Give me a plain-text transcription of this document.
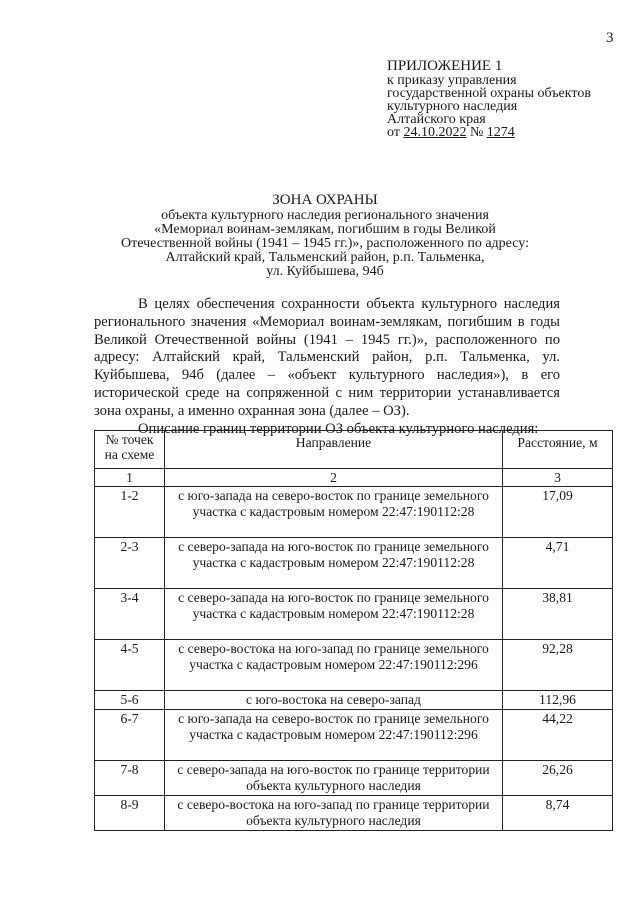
3
ПРИЛОЖЕНИЕ 1
к приказу управления
государственной охраны объектов
культурного наследия
Алтайского края
от 24.10.2022 № 1274
ЗОНА ОХРАНЫ
объекта культурного наследия регионального значения
«Мемориал воинам-землякам, погибшим в годы Великой
Отечественной войны (1941 – 1945 гг.)», расположенного по адресу:
Алтайский край, Тальменский район, р.п. Тальменка,
ул. Куйбышева, 94б

В целях обеспечения сохранности объекта культурного наследия регионального значения «Мемориал воинам-землякам, погибшим в годы Великой Отечественной войны (1941 – 1945 гг.)», расположенного по адресу: Алтайский край, Тальменский район, р.п. Тальменка, ул. Куйбышева, 94б (далее – «объект культурного наследия»), в его исторической среде на сопряженной с ним территории устанавливается зона охраны, а именно охранная зона (далее – ОЗ).

Описание границ территории ОЗ объекта культурного наследия:

№ точек на схеме	Направление	Расстояние, м
1	2	3
1-2	с юго-запада на северо-восток по границе земельного участка с кадастровым номером 22:47:190112:28	17,09
2-3	с северо-запада на юго-восток по границе земельного участка с кадастровым номером 22:47:190112:28	4,71
3-4	с северо-запада на юго-восток по границе земельного участка с кадастровым номером 22:47:190112:28	38,81
4-5	с северо-востока на юго-запад по границе земельного участка с кадастровым номером 22:47:190112:296	92,28
5-6	с юго-востока на северо-запад	112,96
6-7	с юго-запада на северо-восток по границе земельного участка с кадастровым номером 22:47:190112:296	44,22
7-8	с северо-запада на юго-восток по границе территории объекта культурного наследия	26,26
8-9	с северо-востока на юго-запад по границе территории объекта культурного наследия	8,74
